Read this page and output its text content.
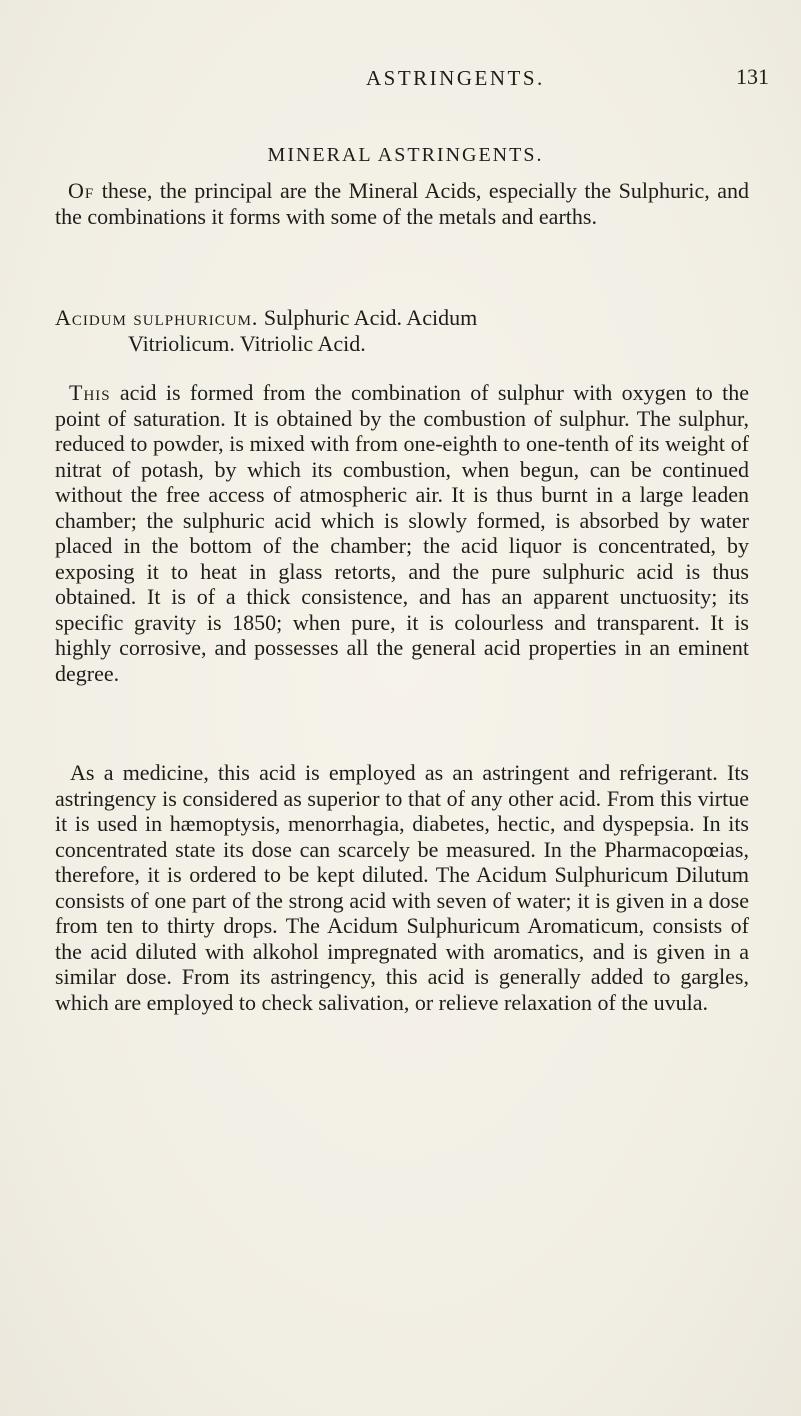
ASTRINGENTS.	131
MINERAL ASTRINGENTS.
Of these, the principal are the Mineral Acids, especially the Sulphuric, and the combinations it forms with some of the metals and earths.
Acidum sulphuricum. Sulphuric Acid. Acidum
Vitriolicum. Vitriolic Acid.
This acid is formed from the combination of sulphur with oxygen to the point of saturation. It is obtained by the combustion of sulphur. The sulphur, reduced to powder, is mixed with from one-eighth to one-tenth of its weight of nitrat of potash, by which its combustion, when begun, can be continued without the free access of atmospheric air. It is thus burnt in a large leaden chamber; the sulphuric acid which is slowly formed, is absorbed by water placed in the bottom of the chamber; the acid liquor is concentrated, by exposing it to heat in glass retorts, and the pure sulphuric acid is thus obtained. It is of a thick consistence, and has an apparent unctuosity; its specific gravity is 1850; when pure, it is colourless and transparent. It is highly corrosive, and possesses all the general acid properties in an eminent degree.
As a medicine, this acid is employed as an astringent and refrigerant. Its astringency is considered as superior to that of any other acid. From this virtue it is used in hæmoptysis, menorrhagia, diabetes, hectic, and dyspepsia. In its concentrated state its dose can scarcely be measured. In the Pharmacopœias, therefore, it is ordered to be kept diluted. The Acidum Sulphuricum Dilutum consists of one part of the strong acid with seven of water; it is given in a dose from ten to thirty drops. The Acidum Sulphuricum Aromaticum, consists of the acid diluted with alkohol impregnated with aromatics, and is given in a similar dose. From its astringency, this acid is generally added to gargles, which are employed to check salivation, or relieve relaxation of the uvula.
